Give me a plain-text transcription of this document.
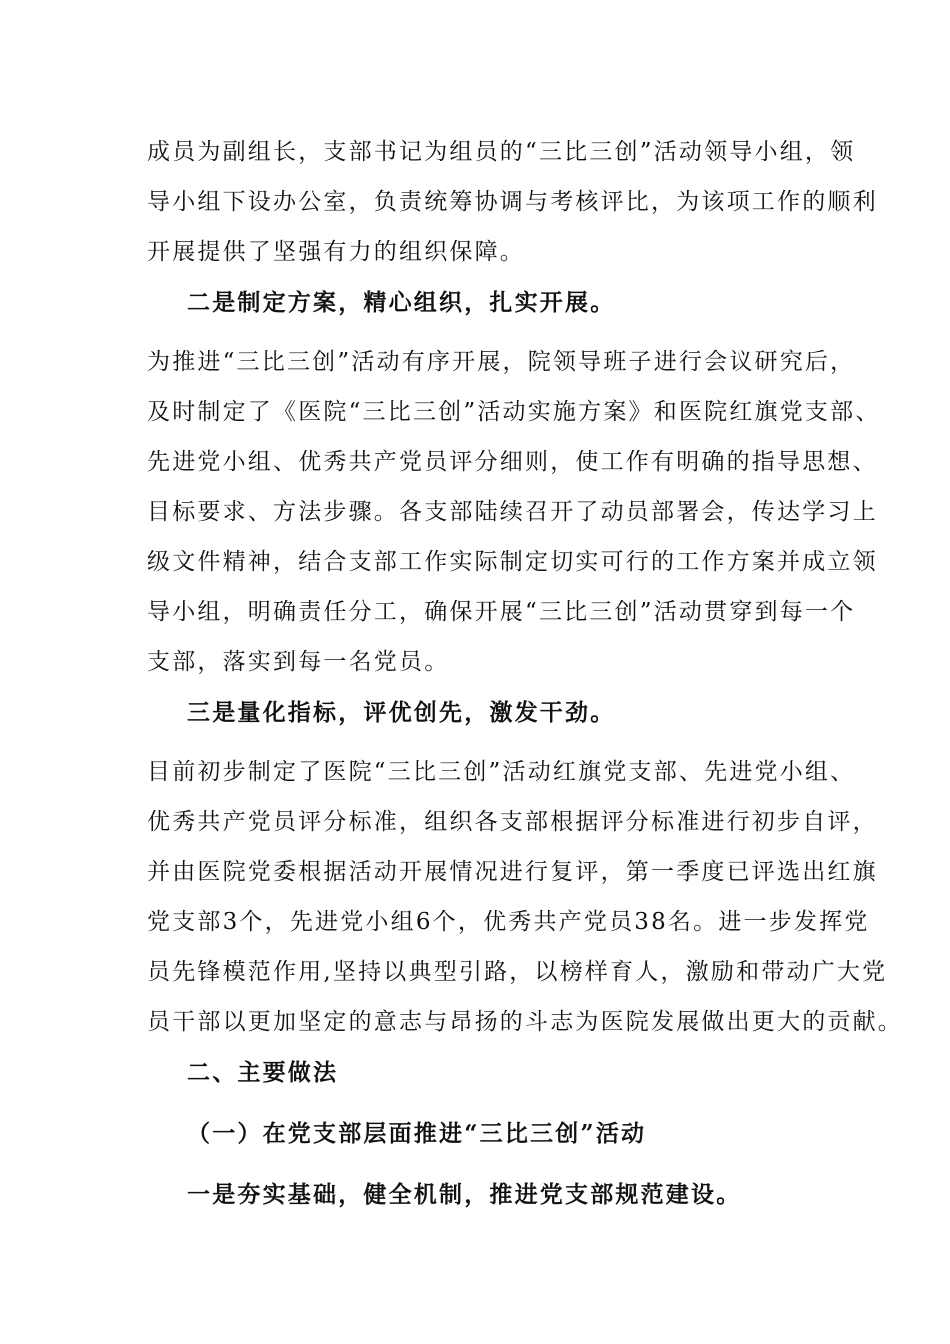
成员为副组长，支部书记为组员的“三比三创”活动领导小组，领
导小组下设办公室，负责统筹协调与考核评比，为该项工作的顺利
开展提供了坚强有力的组织保障。
二是制定方案，精心组织，扎实开展。
为推进“三比三创”活动有序开展，院领导班子进行会议研究后，
及时制定了《医院“三比三创”活动实施方案》和医院红旗党支部、
先进党小组、优秀共产党员评分细则，使工作有明确的指导思想、
目标要求、方法步骤。各支部陆续召开了动员部署会，传达学习上
级文件精神，结合支部工作实际制定切实可行的工作方案并成立领
导小组，明确责任分工，确保开展“三比三创”活动贯穿到每一个
支部，落实到每一名党员。
三是量化指标，评优创先，激发干劲。
目前初步制定了医院“三比三创”活动红旗党支部、先进党小组、
优秀共产党员评分标准，组织各支部根据评分标准进行初步自评，
并由医院党委根据活动开展情况进行复评，第一季度已评选出红旗
党支部3个，先进党小组6个，优秀共产党员38名。进一步发挥党
员先锋模范作用,坚持以典型引路，以榜样育人，激励和带动广大党
员干部以更加坚定的意志与昂扬的斗志为医院发展做出更大的贡献。
二、主要做法
（一）在党支部层面推进“三比三创”活动
一是夯实基础，健全机制，推进党支部规范建设。
